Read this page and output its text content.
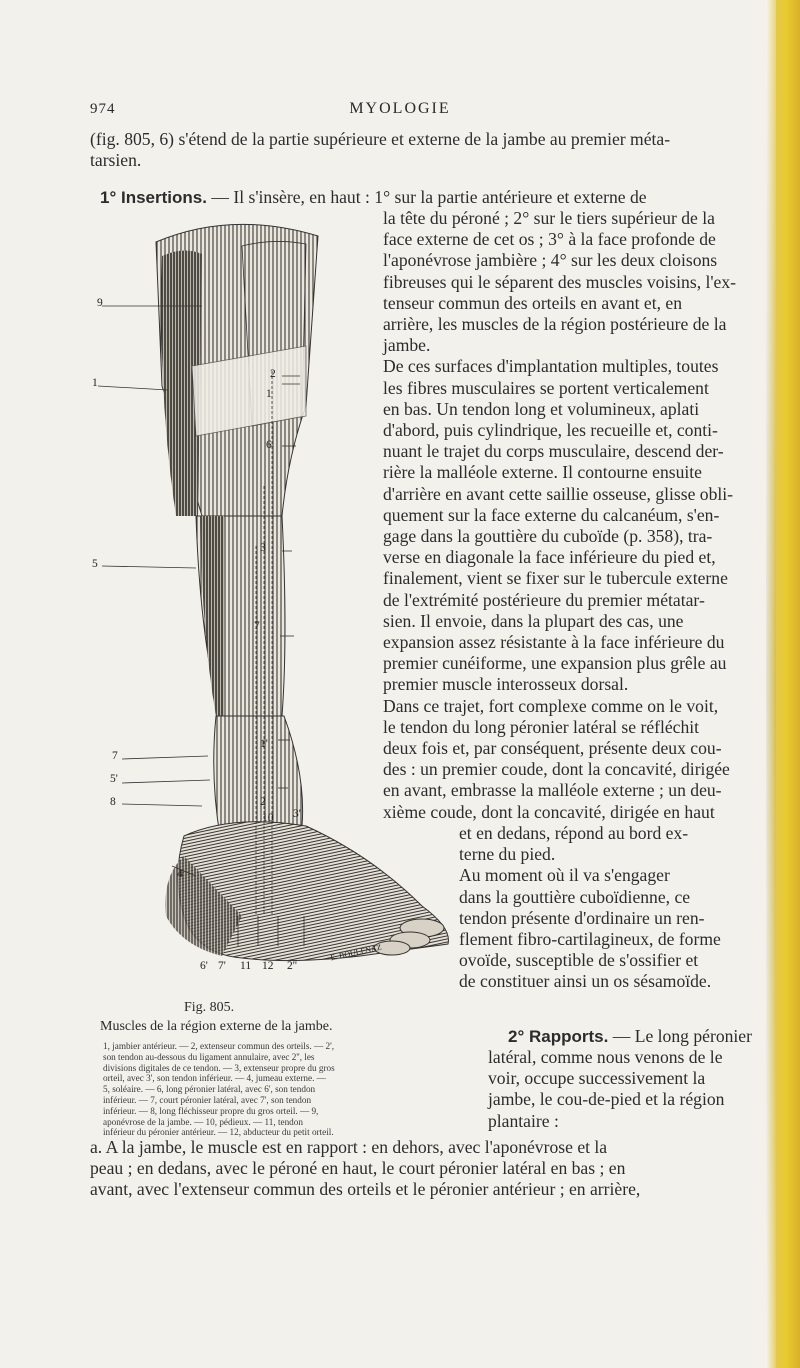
974	MYOLOGIE
(fig. 805, 6) s'étend de la partie supérieure et externe de la jambe au premier méta-
tarsien.
1° Insertions. — Il s'insère, en haut : 1° sur la partie antérieure et externe de
la tête du péroné ; 2° sur le tiers supérieur de la
face externe de cet os ; 3° à la face profonde de
l'aponévrose jambière ; 4° sur les deux cloisons
fibreuses qui le séparent des muscles voisins, l'ex-
tenseur commun des orteils en avant et, en
arrière, les muscles de la région postérieure de la
jambe.
De ces surfaces d'implantation multiples, toutes
les fibres musculaires se portent verticalement
en bas. Un tendon long et volumineux, aplati
d'abord, puis cylindrique, les recueille et, conti-
nuant le trajet du corps musculaire, descend der-
rière la malléole externe. Il contourne ensuite
d'arrière en avant cette saillie osseuse, glisse obli-
quement sur la face externe du calcanéum, s'en-
gage dans la gouttière du cuboïde (p. 358), tra-
verse en diagonale la face inférieure du pied et,
finalement, vient se fixer sur le tubercule externe
de l'extrémité postérieure du premier métatar-
sien. Il envoie, dans la plupart des cas, une
expansion assez résistante à la face inférieure du
premier cunéiforme, une expansion plus grêle au
premier muscle interosseux dorsal.
Dans ce trajet, fort complexe comme on le voit,
le tendon du long péronier latéral se réfléchit
deux fois et, par conséquent, présente deux cou-
des : un premier coude, dont la concavité, dirigée
en avant, embrasse la malléole externe ; un deu-
xième coude, dont la concavité, dirigée en haut
et en dedans, répond au bord ex-
terne du pied.
Au moment où il va s'engager
dans la gouttière cuboïdienne, ce
tendon présente d'ordinaire un ren-
flement fibro-cartilagineux, de forme
ovoïde, susceptible de s'ossifier et
de constituer ainsi un os sésamoïde.
9
1
5
7
5'
8
4
2
1
6
3
7
1'
2
10 3'
6' 7' 11 12 2''
E. BOULENAZ
Fig. 805.
Muscles de la région externe de la jambe.
1, jambier antérieur. — 2, extenseur commun des orteils. — 2', son tendon au-dessous du ligament annulaire, avec 2'', les divisions digitales de ce tendon. — 3, extenseur propre du gros orteil, avec 3', son tendon inférieur. — 4, jumeau externe. — 5, soléaire. — 6, long péronier latéral, avec 6', son tendon inférieur. — 7, court péronier latéral, avec 7', son tendon inférieur. — 8, long fléchisseur propre du gros orteil. — 9, aponévrose de la jambe. — 10, pédieux. — 11, tendon inférieur du péronier antérieur. — 12, abducteur du petit orteil.
2° Rapports. — Le long péronier
latéral, comme nous venons de le
voir, occupe successivement la
jambe, le cou-de-pied et la région
plantaire :
a. A la jambe, le muscle est en rapport : en dehors, avec l'aponévrose et la
peau ; en dedans, avec le péroné en haut, le court péronier latéral en bas ; en
avant, avec l'extenseur commun des orteils et le péronier antérieur ; en arrière,
